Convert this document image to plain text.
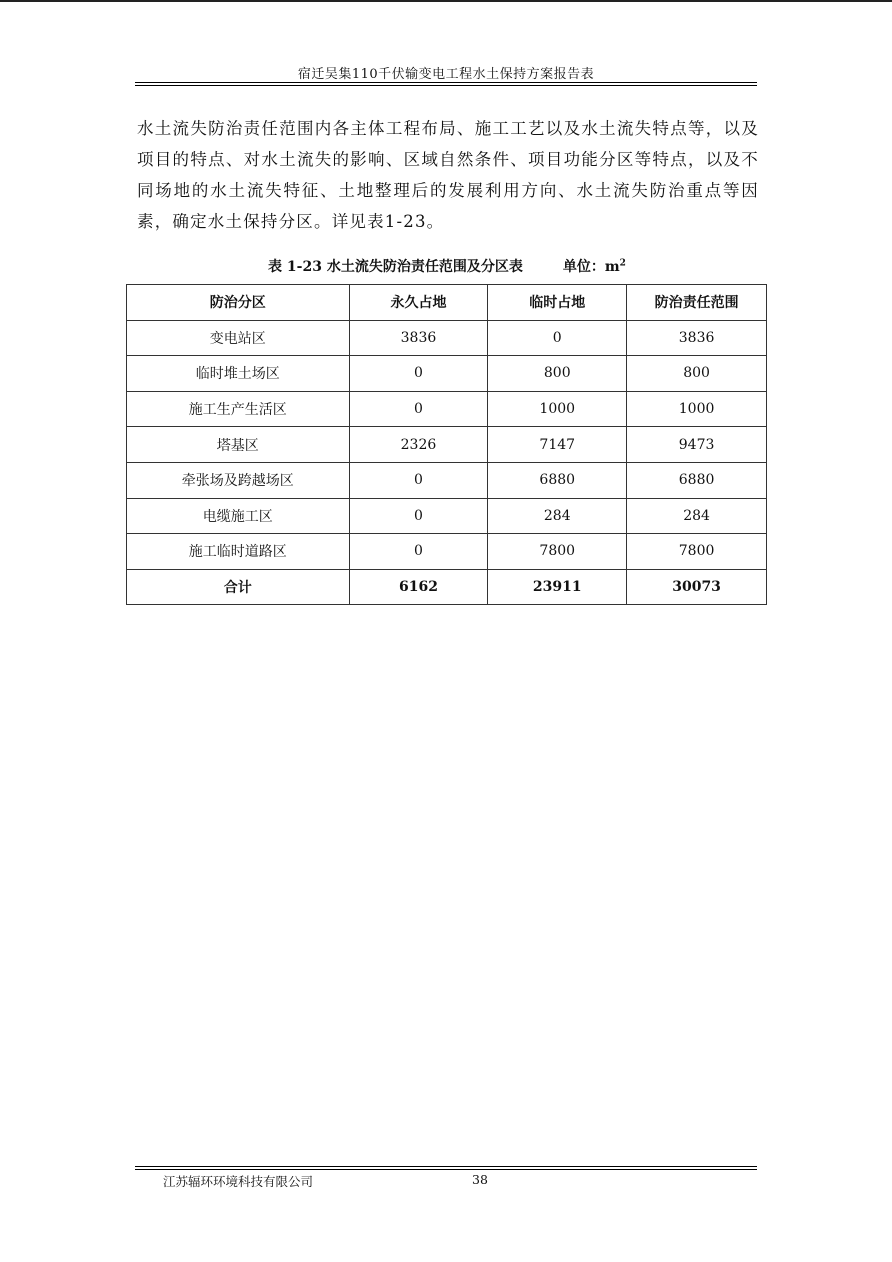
宿迁吴集110千伏输变电工程水土保持方案报告表
水土流失防治责任范围内各主体工程布局、施工工艺以及水土流失特点等，以及项目的特点、对水土流失的影响、区域自然条件、项目功能分区等特点，以及不同场地的水土流失特征、土地整理后的发展利用方向、水土流失防治重点等因素，确定水土保持分区。详见表1-23。
表 1-23 水土流失防治责任范围及分区表	单位：$m^2$
防治分区	永久占地	临时占地	防治责任范围
变电站区	3836	0	3836
临时堆土场区	0	800	800
施工生产生活区	0	1000	1000
塔基区	2326	7147	9473
牵张场及跨越场区	0	6880	6880
电缆施工区	0	284	284
施工临时道路区	0	7800	7800
合计	6162	23911	30073
江苏辐环环境科技有限公司	38
